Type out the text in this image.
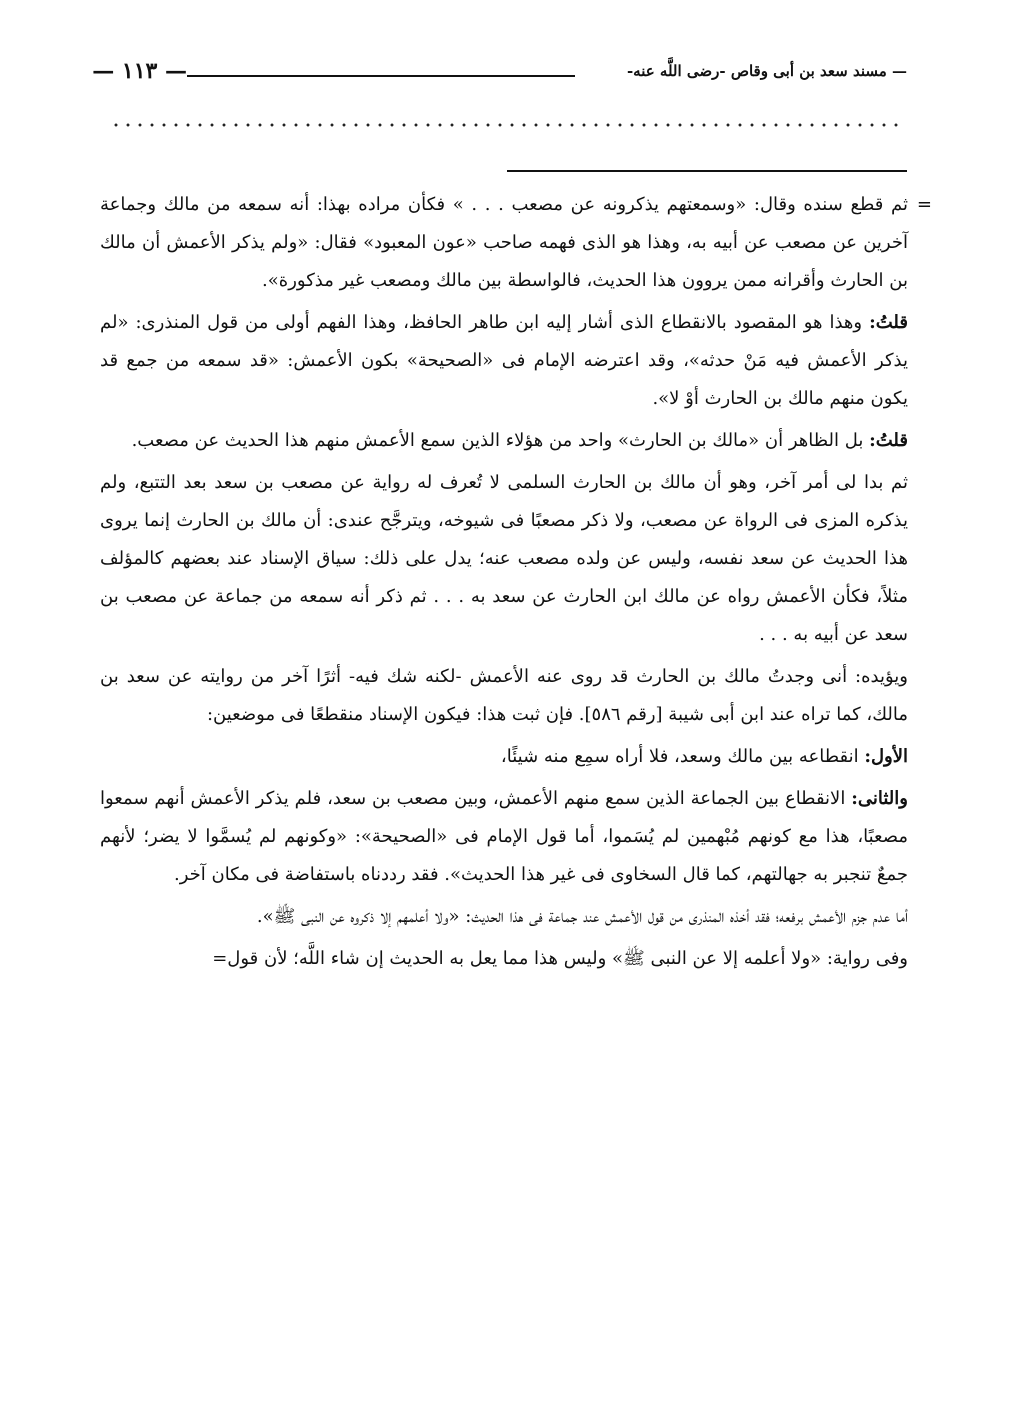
— ١١٣ —	— مسند سعد بن أبى وقاص -رضى اللَّه عنه-
=

ثم قطع سنده وقال: «وسمعتهم يذكرونه عن مصعب . . . » فكأن مراده بهذا: أنه سمعه من مالك وجماعة آخرين عن مصعب عن أبيه به، وهذا هو الذى فهمه صاحب «عون المعبود» فقال: «ولم يذكر الأعمش أن مالك بن الحارث وأقرانه ممن يروون هذا الحديث، فالواسطة بين مالك ومصعب غير مذكورة».

قلتُ: وهذا هو المقصود بالانقطاع الذى أشار إليه ابن طاهر الحافظ، وهذا الفهم أولى من قول المنذرى: «لم يذكر الأعمش فيه مَنْ حدثه»، وقد اعترضه الإمام فى «الصحيحة» بكون الأعمش: «قد سمعه من جمع قد يكون منهم مالك بن الحارث أوْ لا».

قلتُ: بل الظاهر أن «مالك بن الحارث» واحد من هؤلاء الذين سمع الأعمش منهم هذا الحديث عن مصعب.

ثم بدا لى أمر آخر، وهو أن مالك بن الحارث السلمى لا تُعرف له رواية عن مصعب بن سعد بعد التتبع، ولم يذكره المزى فى الرواة عن مصعب، ولا ذكر مصعبًا فى شيوخه، ويترجَّح عندى: أن مالك بن الحارث إنما يروى هذا الحديث عن سعد نفسه، وليس عن ولده مصعب عنه؛ يدل على ذلك: سياق الإسناد عند بعضهم كالمؤلف مثلاً، فكأن الأعمش رواه عن مالك ابن الحارث عن سعد به . . . ثم ذكر أنه سمعه من جماعة عن مصعب بن سعد عن أبيه به . . .

ويؤيده: أنى وجدتُ مالك بن الحارث قد روى عنه الأعمش -لكنه شك فيه- أثرًا آخر من روايته عن سعد بن مالك، كما تراه عند ابن أبى شيبة [رقم ٥٨٦]. فإن ثبت هذا: فيكون الإسناد منقطعًا فى موضعين:

الأول: انقطاعه بين مالك وسعد، فلا أراه سمِع منه شيئًا،

والثانى: الانقطاع بين الجماعة الذين سمع منهم الأعمش، وبين مصعب بن سعد، فلم يذكر الأعمش أنهم سمعوا مصعبًا، هذا مع كونهم مُبْهمين لم يُسَموا، أما قول الإمام فى «الصحيحة»: «وكونهم لم يُسمَّوا لا يضر؛ لأنهم جمعٌ تنجبر به جهالتهم، كما قال السخاوى فى غير هذا الحديث». فقد رددناه باستفاضة فى مكان آخر.

أما عدم جزم الأعمش برفعه؛ فقد أخذه المنذرى من قول الأعمش عند جماعة فى هذا الحديث: «ولا أعلمهم إلا ذكروه عن النبى ﷺ».

وفى رواية: «ولا أعلمه إلا عن النبى ﷺ» وليس هذا مما يعل به الحديث إن شاء اللَّه؛ لأن قول=
